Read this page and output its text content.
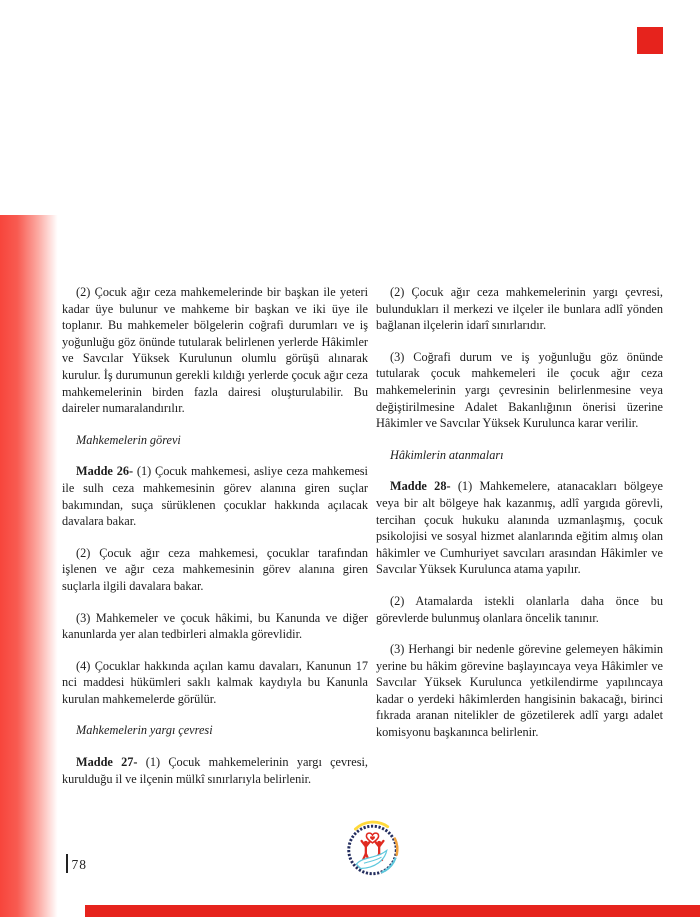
(2) Çocuk ağır ceza mahkemelerinde bir başkan ile yeteri kadar üye bulunur ve mahkeme bir başkan ve iki üye ile toplanır. Bu mahkemeler bölgelerin coğrafi durumları ve iş yoğunluğu göz önünde tutularak belirlenen yerlerde Hâkimler ve Savcılar Yüksek Kurulunun olumlu görüşü alınarak kurulur. İş durumunun gerekli kıldığı yerlerde çocuk ağır ceza mahkemelerinin birden fazla dairesi oluşturulabilir. Bu daireler numaralandırılır.

Mahkemelerin görevi

Madde 26- (1) Çocuk mahkemesi, asliye ceza mahkemesi ile sulh ceza mahkemesinin görev alanına giren suçlar bakımından, suça sürüklenen çocuklar hakkında açılacak davalara bakar.

(2) Çocuk ağır ceza mahkemesi, çocuklar tarafından işlenen ve ağır ceza mahkemesinin görev alanına giren suçlarla ilgili davalara bakar.

(3) Mahkemeler ve çocuk hâkimi, bu Kanunda ve diğer kanunlarda yer alan tedbirleri almakla görevlidir.

(4) Çocuklar hakkında açılan kamu davaları, Kanunun 17 nci maddesi hükümleri saklı kalmak kaydıyla bu Kanunla kurulan mahkemelerde görülür.

Mahkemelerin yargı çevresi

Madde 27- (1) Çocuk mahkemelerinin yargı çevresi, kurulduğu il ve ilçenin mülkî sınırlarıyla belirlenir.

(2) Çocuk ağır ceza mahkemelerinin yargı çevresi, bulundukları il merkezi ve ilçeler ile bunlara adlî yönden bağlanan ilçelerin idarî sınırlarıdır.

(3) Coğrafi durum ve iş yoğunluğu göz önünde tutularak çocuk mahkemeleri ile çocuk ağır ceza mahkemelerinin yargı çevresinin belirlenmesine veya değiştirilmesine Adalet Bakanlığının önerisi üzerine Hâkimler ve Savcılar Yüksek Kurulunca karar verilir.

Hâkimlerin atanmaları

Madde 28- (1) Mahkemelere, atanacakları bölgeye veya bir alt bölgeye hak kazanmış, adlî yargıda görevli, tercihan çocuk hukuku alanında uzmanlaşmış, çocuk psikolojisi ve sosyal hizmet alanlarında eğitim almış olan hâkimler ve Cumhuriyet savcıları arasından Hâkimler ve Savcılar Yüksek Kurulunca atama yapılır.

(2) Atamalarda istekli olanlarla daha önce bu görevlerde bulunmuş olanlara öncelik tanınır.

(3) Herhangi bir nedenle görevine gelemeyen hâkimin yerine bu hâkim görevine başlayıncaya veya Hâkimler ve Savcılar Yüksek Kurulunca yetkilendirme yapılıncaya kadar o yerdeki hâkimlerden hangisinin bakacağı, birinci fıkrada aranan nitelikler de gözetilerek adlî yargı adalet komisyonu başkanınca belirlenir.

78
